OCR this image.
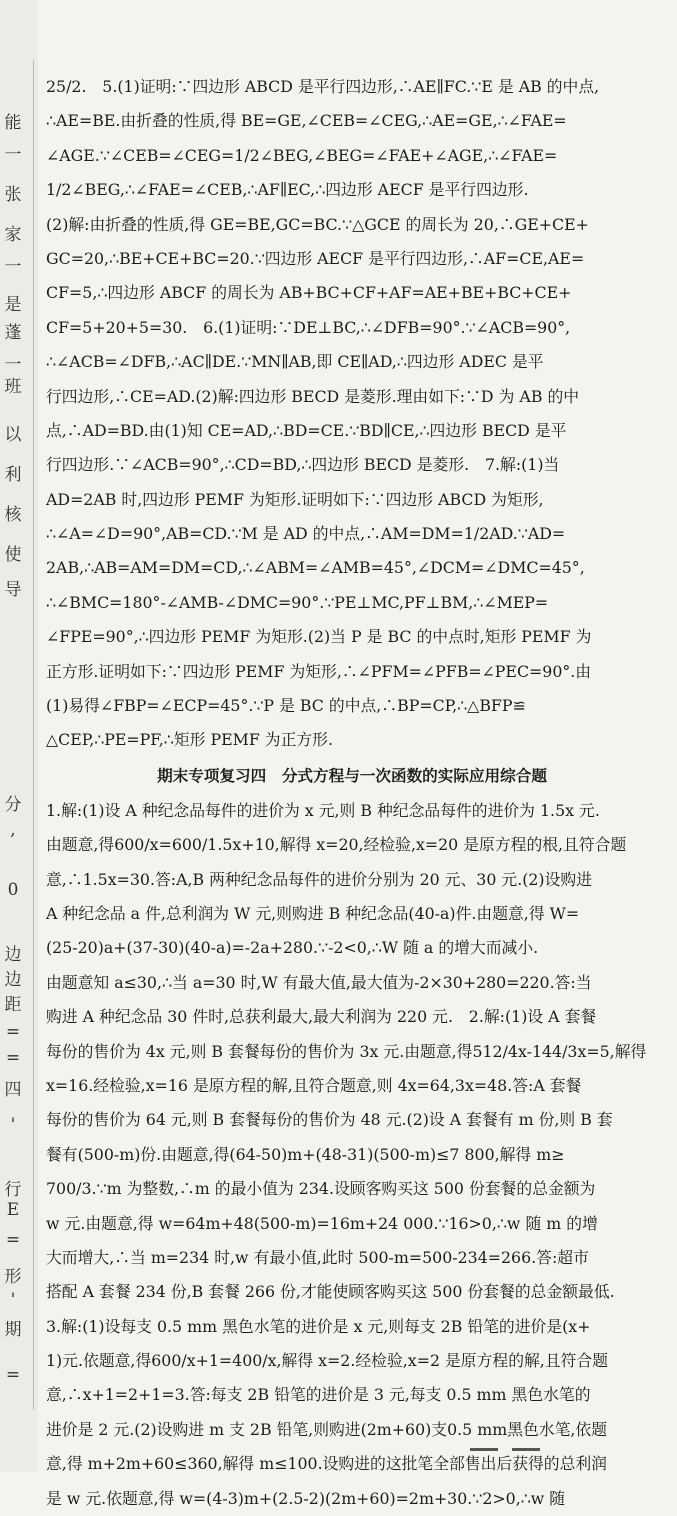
能
一
张
家
一
是
蓬
一
班
以
利
核
使
导
分
,
0
边
边
距
=
=
四
'
行
E
=
形
'
期
=
25/2.　5.(1)证明:∵四边形 ABCD 是平行四边形,∴AE∥FC.∵E 是 AB 的中点,
∴AE=BE.由折叠的性质,得 BE=GE,∠CEB=∠CEG,∴AE=GE,∴∠FAE=
∠AGE.∵∠CEB=∠CEG=1/2∠BEG,∠BEG=∠FAE+∠AGE,∴∠FAE=
1/2∠BEG,∴∠FAE=∠CEB,∴AF∥EC,∴四边形 AECF 是平行四边形.
(2)解:由折叠的性质,得 GE=BE,GC=BC.∵△GCE 的周长为 20,∴GE+CE+
GC=20,∴BE+CE+BC=20.∵四边形 AECF 是平行四边形,∴AF=CE,AE=
CF=5,∴四边形 ABCF 的周长为 AB+BC+CF+AF=AE+BE+BC+CE+
CF=5+20+5=30.　6.(1)证明:∵DE⊥BC,∴∠DFB=90°.∵∠ACB=90°,
∴∠ACB=∠DFB,∴AC∥DE.∵MN∥AB,即 CE∥AD,∴四边形 ADEC 是平
行四边形,∴CE=AD.(2)解:四边形 BECD 是菱形.理由如下:∵D 为 AB 的中
点,∴AD=BD.由(1)知 CE=AD,∴BD=CE.∵BD∥CE,∴四边形 BECD 是平
行四边形.∵∠ACB=90°,∴CD=BD,∴四边形 BECD 是菱形.　7.解:(1)当
AD=2AB 时,四边形 PEMF 为矩形.证明如下:∵四边形 ABCD 为矩形,
∴∠A=∠D=90°,AB=CD.∵M 是 AD 的中点,∴AM=DM=1/2AD.∵AD=
2AB,∴AB=AM=DM=CD,∴∠ABM=∠AMB=45°,∠DCM=∠DMC=45°,
∴∠BMC=180°-∠AMB-∠DMC=90°.∵PE⊥MC,PF⊥BM,∴∠MEP=
∠FPE=90°,∴四边形 PEMF 为矩形.(2)当 P 是 BC 的中点时,矩形 PEMF 为
正方形.证明如下:∵四边形 PEMF 为矩形,∴∠PFM=∠PFB=∠PEC=90°.由
(1)易得∠FBP=∠ECP=45°.∵P 是 BC 的中点,∴BP=CP,∴△BFP≌
△CEP,∴PE=PF,∴矩形 PEMF 为正方形.
期末专项复习四　分式方程与一次函数的实际应用综合题
1.解:(1)设 A 种纪念品每件的进价为 x 元,则 B 种纪念品每件的进价为 1.5x 元.
由题意,得600/x=600/1.5x+10,解得 x=20,经检验,x=20 是原方程的根,且符合题
意,∴1.5x=30.答:A,B 两种纪念品每件的进价分别为 20 元、30 元.(2)设购进
A 种纪念品 a 件,总利润为 W 元,则购进 B 种纪念品(40-a)件.由题意,得 W=
(25-20)a+(37-30)(40-a)=-2a+280.∵-2<0,∴W 随 a 的增大而减小.
由题意知 a≤30,∴当 a=30 时,W 有最大值,最大值为-2×30+280=220.答:当
购进 A 种纪念品 30 件时,总获利最大,最大利润为 220 元.　2.解:(1)设 A 套餐
每份的售价为 4x 元,则 B 套餐每份的售价为 3x 元.由题意,得512/4x-144/3x=5,解得
x=16.经检验,x=16 是原方程的解,且符合题意,则 4x=64,3x=48.答:A 套餐
每份的售价为 64 元,则 B 套餐每份的售价为 48 元.(2)设 A 套餐有 m 份,则 B 套
餐有(500-m)份.由题意,得(64-50)m+(48-31)(500-m)≤7 800,解得 m≥
700/3.∵m 为整数,∴m 的最小值为 234.设顾客购买这 500 份套餐的总金额为
w 元.由题意,得 w=64m+48(500-m)=16m+24 000.∵16>0,∴w 随 m 的增
大而增大,∴当 m=234 时,w 有最小值,此时 500-m=500-234=266.答:超市
搭配 A 套餐 234 份,B 套餐 266 份,才能使顾客购买这 500 份套餐的总金额最低.
3.解:(1)设每支 0.5 mm 黑色水笔的进价是 x 元,则每支 2B 铅笔的进价是(x+
1)元.依题意,得600/x+1=400/x,解得 x=2.经检验,x=2 是原方程的解,且符合题
意,∴x+1=2+1=3.答:每支 2B 铅笔的进价是 3 元,每支 0.5 mm 黑色水笔的
进价是 2 元.(2)设购进 m 支 2B 铅笔,则购进(2m+60)支0.5 mm黑色水笔,依题
意,得 m+2m+60≤360,解得 m≤100.设购进的这批笔全部售出后获得的总利润
是 w 元.依题意,得 w=(4-3)m+(2.5-2)(2m+60)=2m+30.∵2>0,∴w 随
